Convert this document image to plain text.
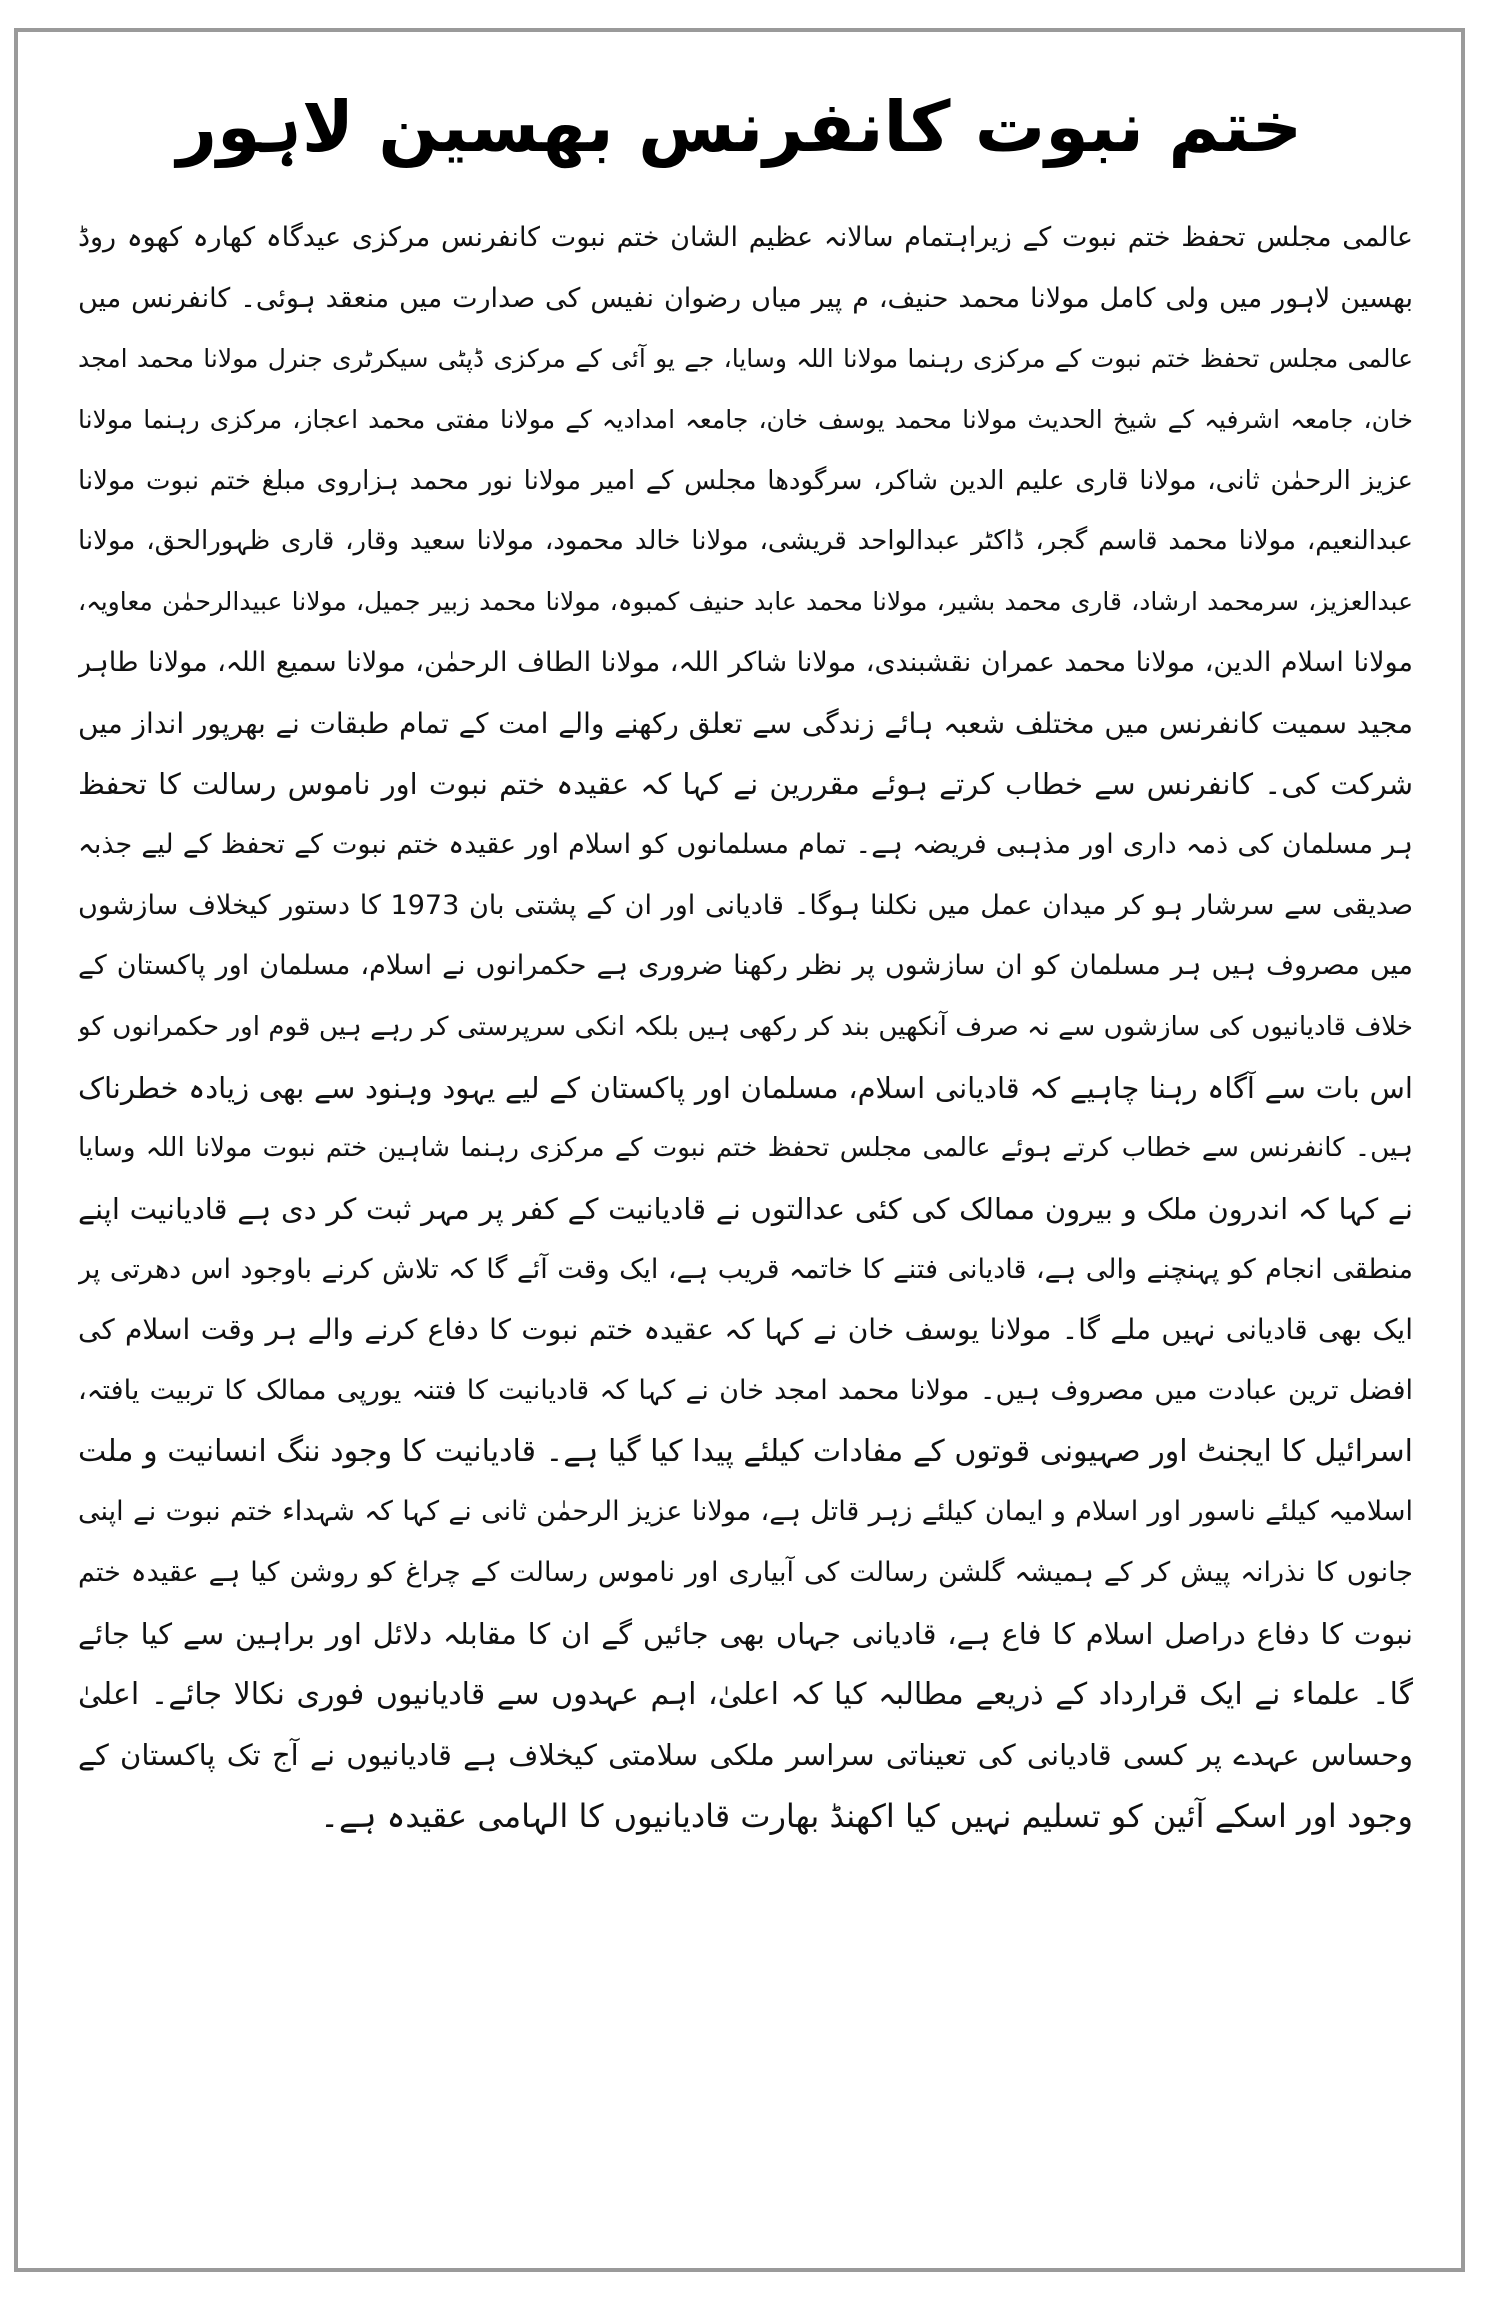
ختم نبوت کانفرنس بھسین لاہور
عالمی مجلس تحفظ ختم نبوت کے زیراہتمام سالانہ عظیم الشان ختم نبوت کانفرنس مرکزی عیدگاہ کھارہ کھوہ روڈ
بھسین لاہور میں ولی کامل مولانا محمد حنیف، م پیر میاں رضوان نفیس کی صدارت میں منعقد ہوئی۔ کانفرنس میں
عالمی مجلس تحفظ ختم نبوت کے مرکزی رہنما مولانا اللہ وسایا، جے یو آئی کے مرکزی ڈپٹی سیکرٹری جنرل مولانا محمد امجد
خان، جامعہ اشرفیہ کے شیخ الحدیث مولانا محمد یوسف خان، جامعہ امدادیہ کے مولانا مفتی محمد اعجاز، مرکزی رہنما مولانا
عزیز الرحمٰن ثانی، مولانا قاری علیم الدین شاکر، سرگودھا مجلس کے امیر مولانا نور محمد ہزاروی مبلغ ختم نبوت مولانا
عبدالنعیم، مولانا محمد قاسم گجر، ڈاکٹر عبدالواحد قریشی، مولانا خالد محمود، مولانا سعید وقار، قاری ظہورالحق، مولانا
عبدالعزیز، سرمحمد ارشاد، قاری محمد بشیر، مولانا محمد عابد حنیف کمبوہ، مولانا محمد زبیر جمیل، مولانا عبیدالرحمٰن معاویہ،
مولانا اسلام الدین، مولانا محمد عمران نقشبندی، مولانا شاکر اللہ، مولانا الطاف الرحمٰن، مولانا سمیع اللہ، مولانا طاہر
مجید سمیت کانفرنس میں مختلف شعبہ ہائے زندگی سے تعلق رکھنے والے امت کے تمام طبقات نے بھرپور انداز میں
شرکت کی۔ کانفرنس سے خطاب کرتے ہوئے مقررین نے کہا کہ عقیدہ ختم نبوت اور ناموس رسالت کا تحفظ
ہر مسلمان کی ذمہ داری اور مذہبی فریضہ ہے۔ تمام مسلمانوں کو اسلام اور عقیدہ ختم نبوت کے تحفظ کے لیے جذبہ
صدیقی سے سرشار ہو کر میدان عمل میں نکلنا ہوگا۔ قادیانی اور ان کے پشتی بان 1973 کا دستور کیخلاف سازشوں
میں مصروف ہیں ہر مسلمان کو ان سازشوں پر نظر رکھنا ضروری ہے حکمرانوں نے اسلام، مسلمان اور پاکستان کے
خلاف قادیانیوں کی سازشوں سے نہ صرف آنکھیں بند کر رکھی ہیں بلکہ انکی سرپرستی کر رہے ہیں قوم اور حکمرانوں کو
اس بات سے آگاہ رہنا چاہیے کہ قادیانی اسلام، مسلمان اور پاکستان کے لیے یہود وہنود سے بھی زیادہ خطرناک
ہیں۔ کانفرنس سے خطاب کرتے ہوئے عالمی مجلس تحفظ ختم نبوت کے مرکزی رہنما شاہین ختم نبوت مولانا اللہ وسایا
نے کہا کہ اندرون ملک و بیرون ممالک کی کئی عدالتوں نے قادیانیت کے کفر پر مہر ثبت کر دی ہے قادیانیت اپنے
منطقی انجام کو پہنچنے والی ہے، قادیانی فتنے کا خاتمہ قریب ہے، ایک وقت آئے گا کہ تلاش کرنے باوجود اس دھرتی پر
ایک بھی قادیانی نہیں ملے گا۔ مولانا یوسف خان نے کہا کہ عقیدہ ختم نبوت کا دفاع کرنے والے ہر وقت اسلام کی
افضل ترین عبادت میں مصروف ہیں۔ مولانا محمد امجد خان نے کہا کہ قادیانیت کا فتنہ یورپی ممالک کا تربیت یافتہ،
اسرائیل کا ایجنٹ اور صہیونی قوتوں کے مفادات کیلئے پیدا کیا گیا ہے۔ قادیانیت کا وجود ننگ انسانیت و ملت
اسلامیہ کیلئے ناسور اور اسلام و ایمان کیلئے زہر قاتل ہے، مولانا عزیز الرحمٰن ثانی نے کہا کہ شہداء ختم نبوت نے اپنی
جانوں کا نذرانہ پیش کر کے ہمیشہ گلشن رسالت کی آبیاری اور ناموس رسالت کے چراغ کو روشن کیا ہے عقیدہ ختم
نبوت کا دفاع دراصل اسلام کا فاع ہے، قادیانی جہاں بھی جائیں گے ان کا مقابلہ دلائل اور براہین سے کیا جائے
گا۔ علماء نے ایک قرارداد کے ذریعے مطالبہ کیا کہ اعلیٰ، اہم عہدوں سے قادیانیوں فوری نکالا جائے۔ اعلیٰ
وحساس عہدے پر کسی قادیانی کی تعیناتی سراسر ملکی سلامتی کیخلاف ہے قادیانیوں نے آج تک پاکستان کے
وجود اور اسکے آئین کو تسلیم نہیں کیا اکھنڈ بھارت قادیانیوں کا الہامی عقیدہ ہے۔
